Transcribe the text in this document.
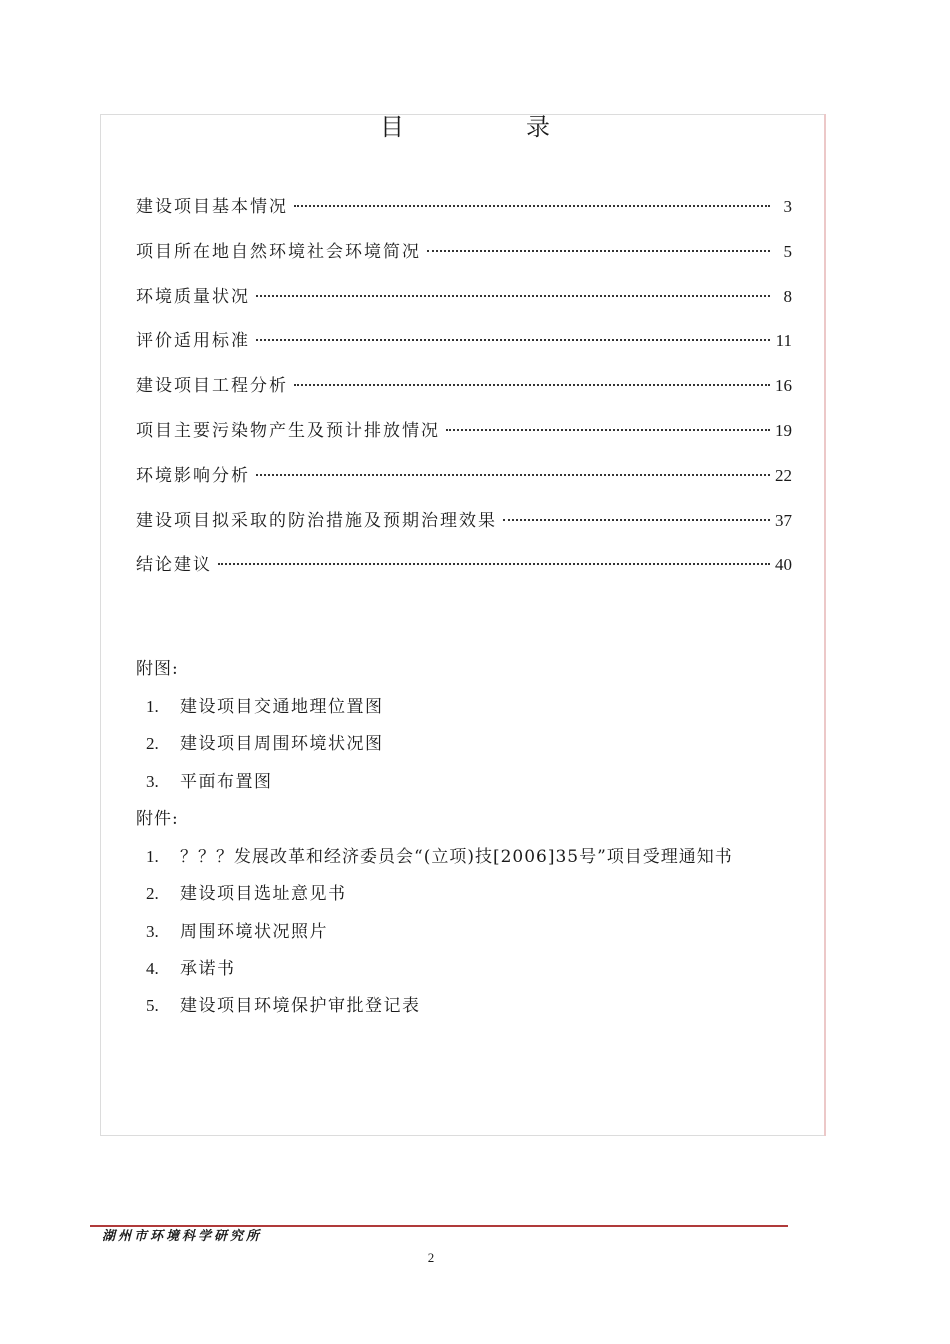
目	录
建设项目基本情况	3
项目所在地自然环境社会环境简况	5
环境质量状况	8
评价适用标准	11
建设项目工程分析	16
项目主要污染物产生及预计排放情况	19
环境影响分析	22
建设项目拟采取的防治措施及预期治理效果	37
结论建议	40
附图:
1.	建设项目交通地理位置图
2.	建设项目周围环境状况图
3.	平面布置图
附件:
1.	？？？发展改革和经济委员会“(立项)技[2006]35号”项目受理通知书
2.	建设项目选址意见书
3.	周围环境状况照片
4.	承诺书
5.	建设项目环境保护审批登记表
湖州市环境科学研究所
2
